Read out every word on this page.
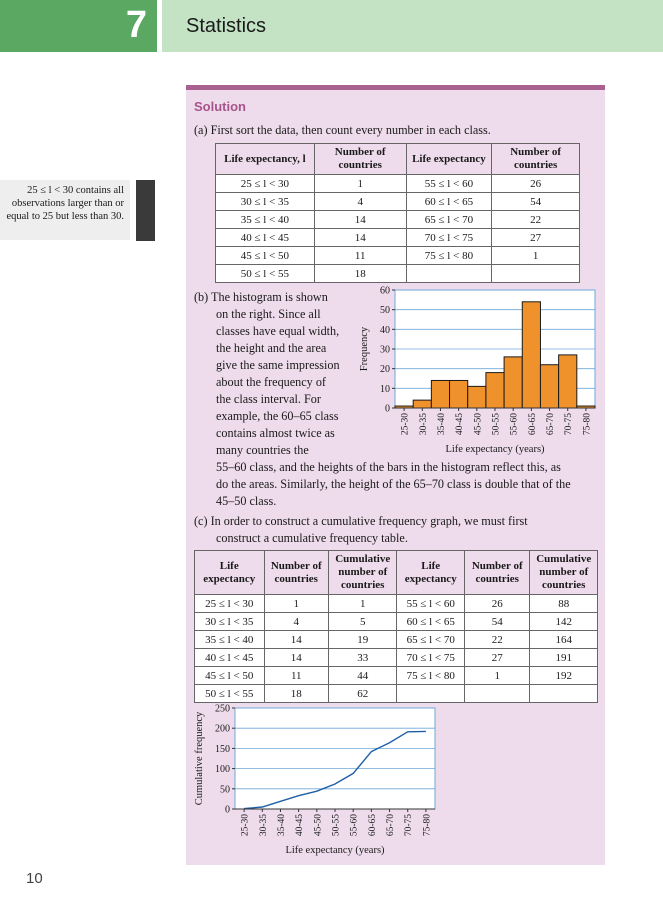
7 Statistics
25 ≤ l < 30 contains all observations larger than or equal to 25 but less than 30.
Solution
(a) First sort the data, then count every number in each class.
Life expectancy, l	Number of countries	Life expectancy	Number of countries
25 ≤ l < 30	1	55 ≤ l < 60	26
30 ≤ l < 35	4	60 ≤ l < 65	54
35 ≤ l < 40	14	65 ≤ l < 70	22
40 ≤ l < 45	14	70 ≤ l < 75	27
45 ≤ l < 50	11	75 ≤ l < 80	1
50 ≤ l < 55	18		
(b) The histogram is shown
on the right. Since all
classes have equal width,
the height and the area
give the same impression
about the frequency of
the class interval. For
example, the 60–65 class
contains almost twice as
many countries the
55–60 class, and the heights of the bars in the histogram reflect this, as
do the areas. Similarly, the height of the 65–70 class is double that of the
45–50 class.
0
10
20
30
40
50
60
25-30 30-35 35-40 40-45 45-50 50-55 55-60 60-65 65-70 70-75 75-80
Life expectancy (years)
Frequency
(c) In order to construct a cumulative frequency graph, we must first
construct a cumulative frequency table.
Life expectancy	Number of countries	Cumulative number of countries	Life expectancy	Number of countries	Cumulative number of countries
25 ≤ l < 30	1	1	55 ≤ l < 60	26	88
30 ≤ l < 35	4	5	60 ≤ l < 65	54	142
35 ≤ l < 40	14	19	65 ≤ l < 70	22	164
40 ≤ l < 45	14	33	70 ≤ l < 75	27	191
45 ≤ l < 50	11	44	75 ≤ l < 80	1	192
50 ≤ l < 55	18	62			
0
50
100
150
200
250
25-30 30-35 35-40 40-45 45-50 50-55 55-60 60-65 65-70 70-75 75-80
Life expectancy (years)
Cumulative frequency
10
